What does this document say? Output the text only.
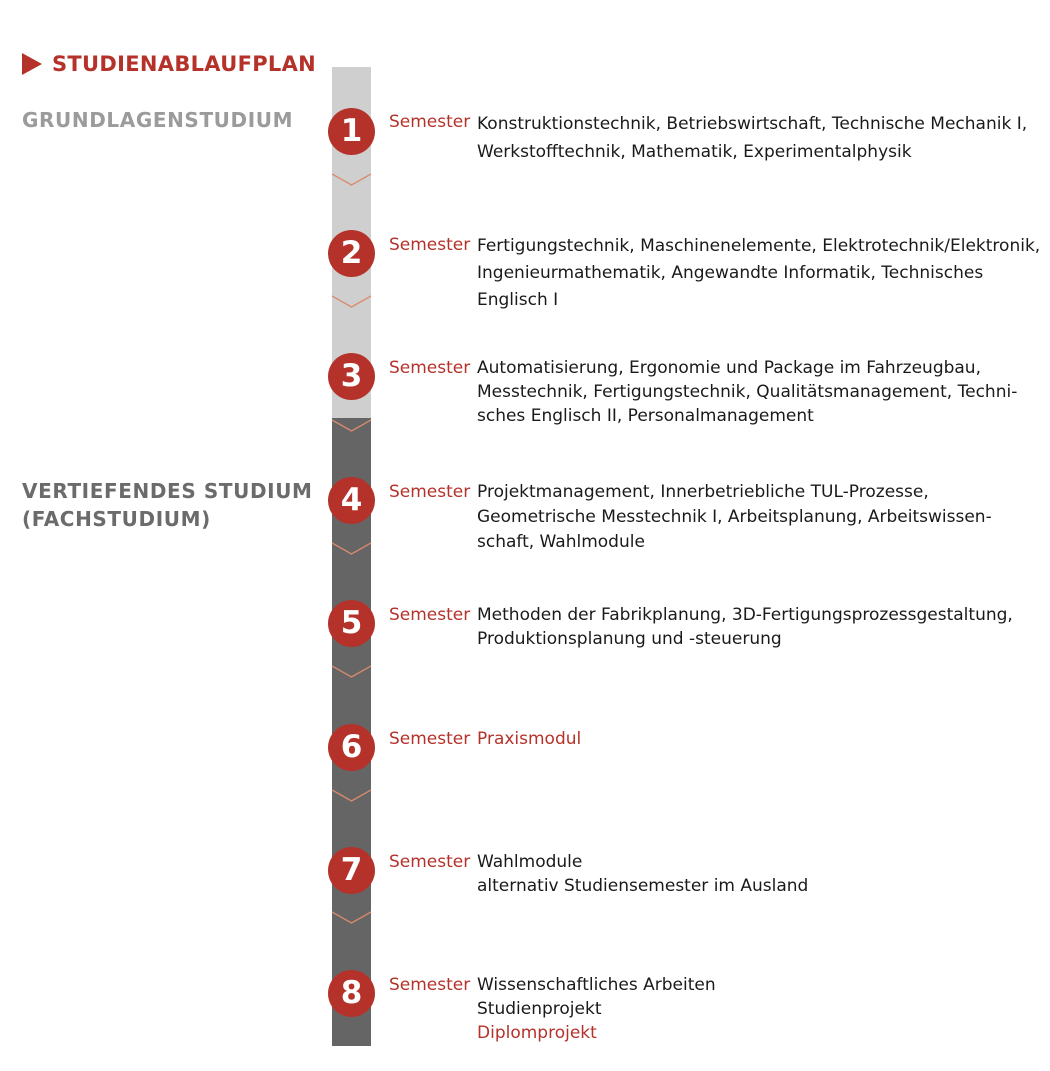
STUDIENABLAUFPLAN
GRUNDLAGENSTUDIUM
VERTIEFENDES STUDIUM
(FACHSTUDIUM)
1	Semester Konstruktionstechnik, Betriebswirtschaft, Technische Mechanik I,
Werkstofftechnik, Mathematik, Experimentalphysik
2	Semester Fertigungstechnik, Maschinenelemente, Elektrotechnik/Elektronik,
Ingenieurmathematik, Angewandte Informatik, Technisches
Englisch I
3	Semester Automatisierung, Ergonomie und Package im Fahrzeugbau,
Messtechnik, Fertigungstechnik, Qualitätsmanagement, Techni-
sches Englisch II, Personalmanagement
4	Semester Projektmanagement, Innerbetriebliche TUL-Prozesse,
Geometrische Messtechnik I, Arbeitsplanung, Arbeitswissen-
schaft, Wahlmodule
5	Semester Methoden der Fabrikplanung, 3D-Fertigungsprozessgestaltung,
Produktionsplanung und -steuerung
6	Semester Praxismodul
7	Semester Wahlmodule
alternativ Studiensemester im Ausland
8	Semester Wissenschaftliches Arbeiten
Studienprojekt
Diplomprojekt
